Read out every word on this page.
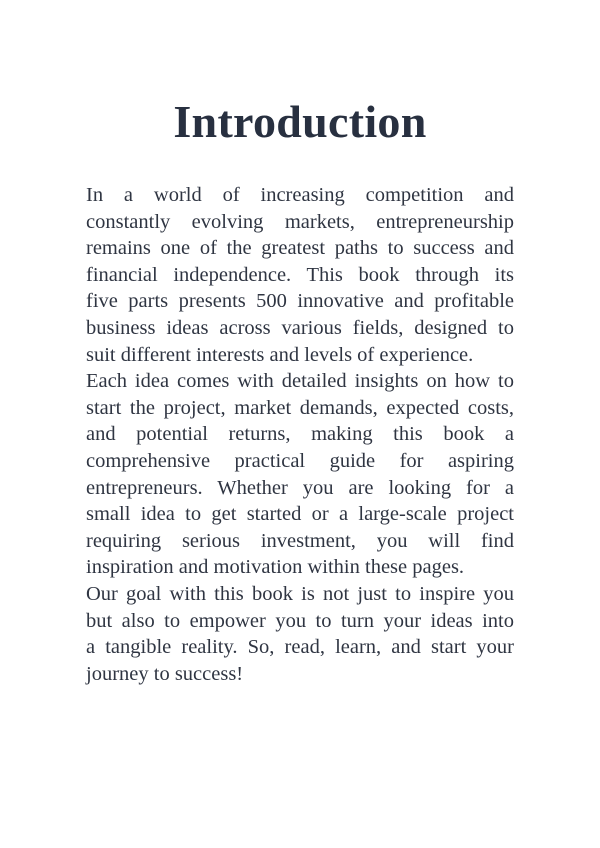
Introduction
In a world of increasing competition and
constantly evolving markets, entrepreneurship
remains one of the greatest paths to success and
financial independence. This book through its
five parts presents 500 innovative and profitable
business ideas across various fields, designed to
suit different interests and levels of experience.
Each idea comes with detailed insights on how to
start the project, market demands, expected costs,
and potential returns, making this book a
comprehensive practical guide for aspiring
entrepreneurs. Whether you are looking for a
small idea to get started or a large-scale project
requiring serious investment, you will find
inspiration and motivation within these pages.
Our goal with this book is not just to inspire you
but also to empower you to turn your ideas into
a tangible reality. So, read, learn, and start your
journey to success!
